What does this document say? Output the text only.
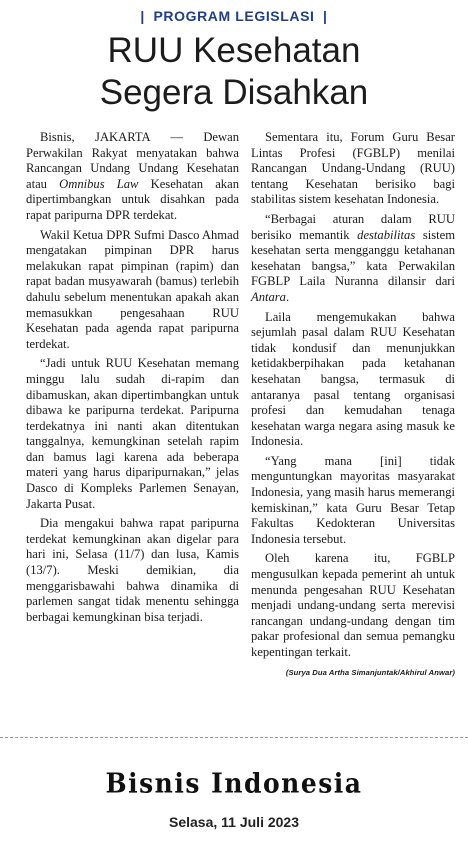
| PROGRAM LEGISLASI |
RUU Kesehatan
Segera Disahkan

Bisnis, JAKARTA — Dewan Perwakilan Rakyat menyatakan bahwa Rancangan Undang Undang Kesehatan atau Omnibus Law Kesehatan akan dipertimbangkan untuk disahkan pada rapat paripurna DPR terdekat.

Wakil Ketua DPR Sufmi Dasco Ahmad mengatakan pimpinan DPR harus melakukan rapat pimpinan (rapim) dan rapat badan musyawarah (bamus) terlebih dahulu sebelum menentukan apakah akan memasukkan pengesahaan RUU Kesehatan pada agenda rapat paripurna terdekat.

“Jadi untuk RUU Kesehatan memang minggu lalu sudah di-rapim dan dibamuskan, akan dipertimbangkan untuk dibawa ke paripurna terdekat. Paripurna terdekatnya ini nanti akan ditentukan tanggalnya, kemungkinan setelah rapim dan bamus lagi karena ada beberapa materi yang harus diparipurnakan,” jelas Dasco di Kompleks Parlemen Senayan, Jakarta Pusat.

Dia mengakui bahwa rapat paripurna terdekat kemungkinan akan digelar para hari ini, Selasa (11/7) dan lusa, Kamis (13/7). Meski demikian, dia menggarisbawahi bahwa dinamika di parlemen sangat tidak menentu sehingga berbagai kemungkinan bisa terjadi.

Sementara itu, Forum Guru Besar Lintas Profesi (FGBLP) menilai Rancangan Undang-Undang (RUU) tentang Kesehatan berisiko bagi stabilitas sistem kesehatan Indonesia.

“Berbagai aturan dalam RUU berisiko memantik destabilitas sistem kesehatan serta mengganggu ketahanan kesehatan bangsa,” kata Perwakilan FGBLP Laila Nuranna dilansir dari Antara.

Laila mengemukakan bahwa sejumlah pasal dalam RUU Kesehatan tidak kondusif dan menunjukkan ketidakberpihakan pada ketahanan kesehatan bangsa, termasuk di antaranya pasal tentang organisasi profesi dan kemudahan tenaga kesehatan warga negara asing masuk ke Indonesia.

“Yang mana [ini] tidak menguntungkan mayoritas masyarakat Indonesia, yang masih harus memerangi kemiskinan,” kata Guru Besar Tetap Fakultas Kedokteran Universitas Indonesia tersebut.

Oleh karena itu, FGBLP mengusulkan kepada pemerint ah untuk menunda pengesahan RUU Kesehatan menjadi undang-undang serta merevisi rancangan undang-undang dengan tim pakar profesional dan semua pemangku kepentingan terkait.

(Surya Dua Artha Simanjuntak/Akhirul Anwar)
Bisnis Indonesia
Selasa, 11 Juli 2023
